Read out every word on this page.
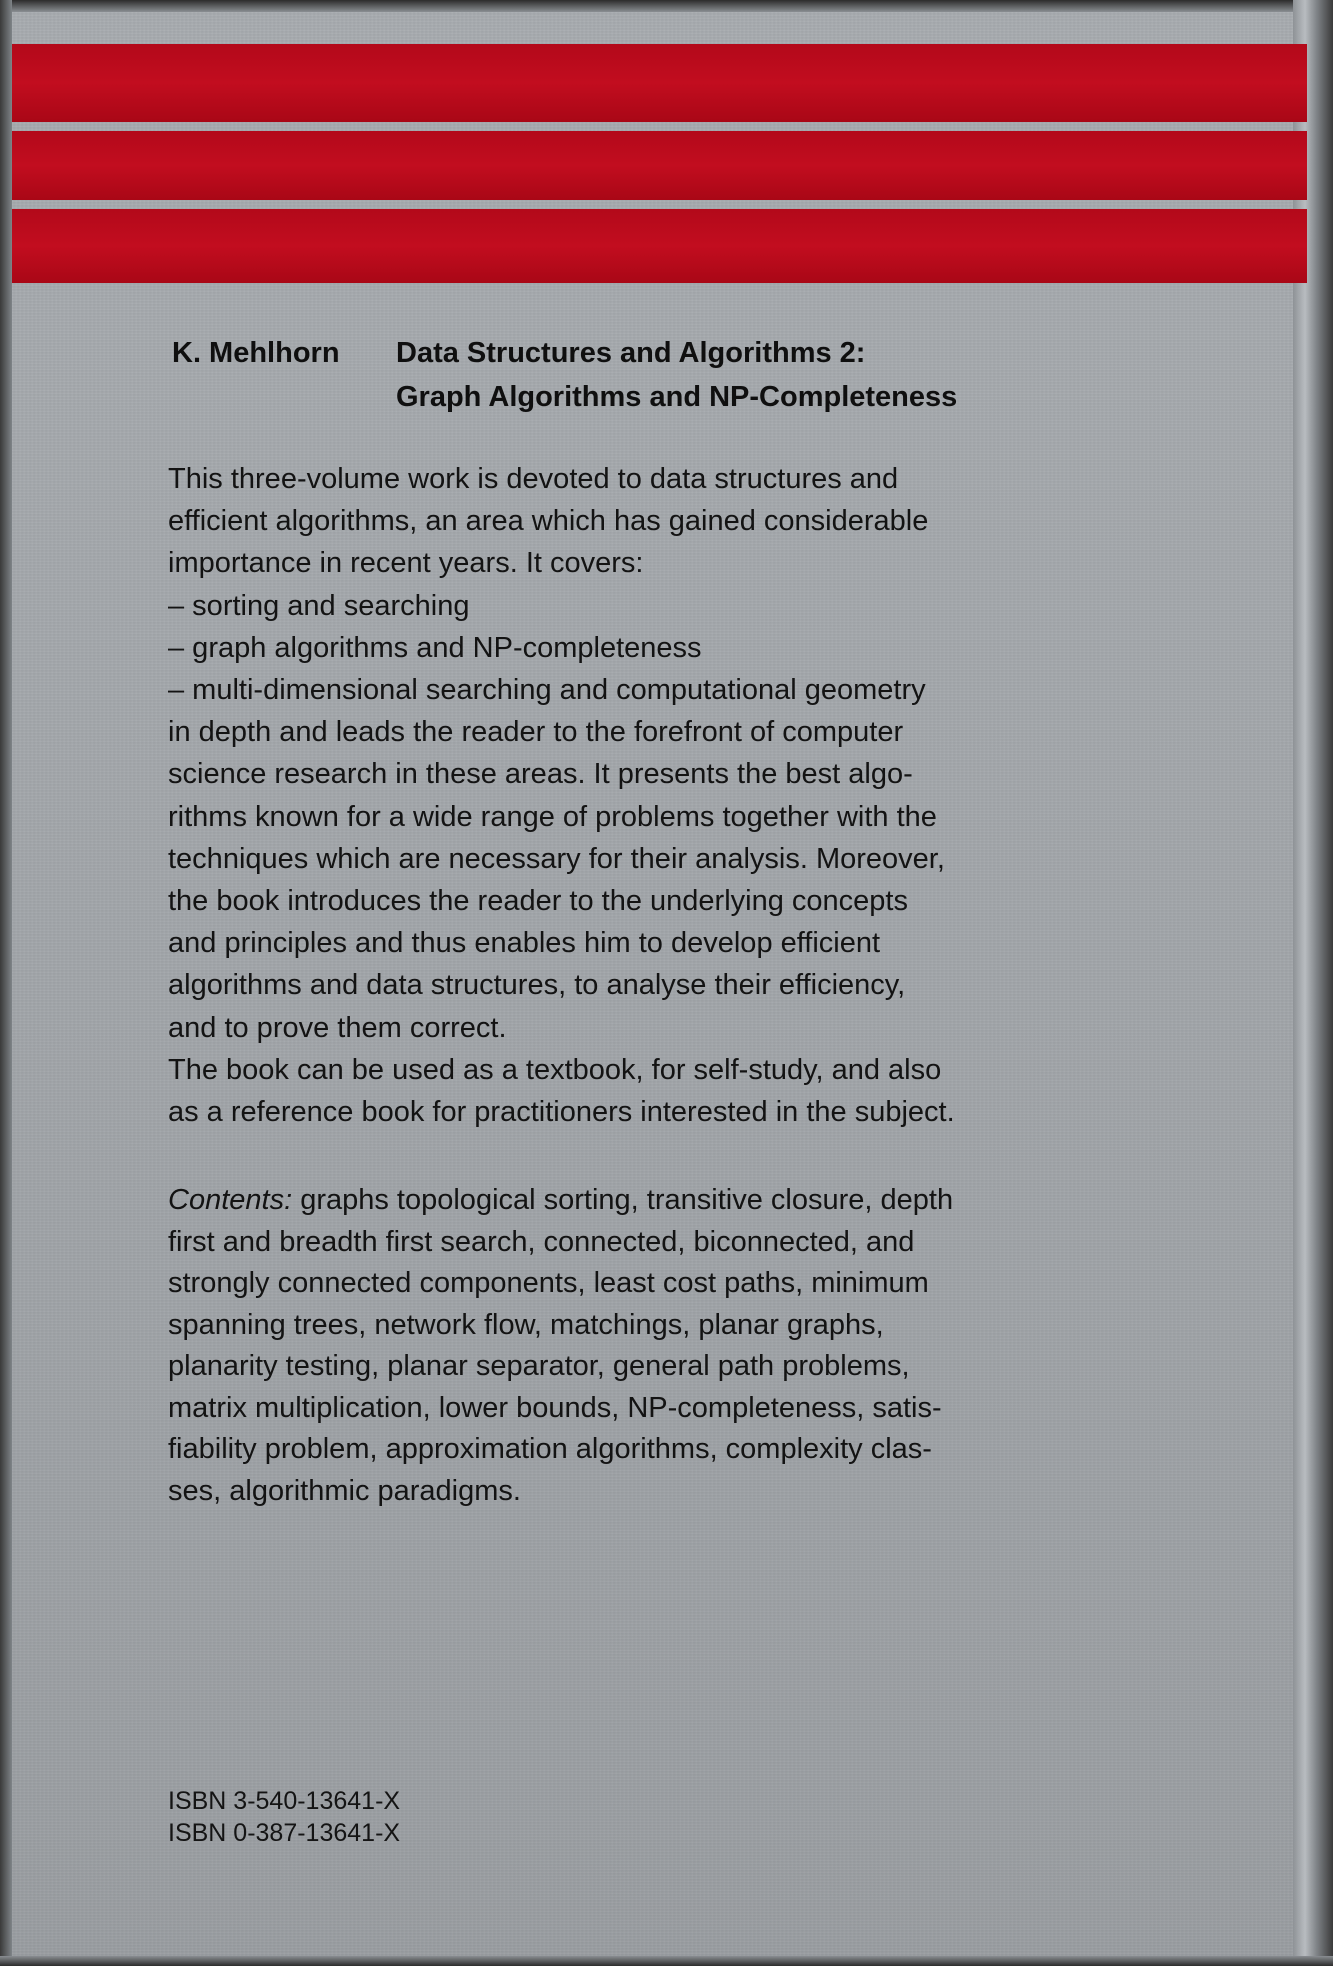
K. Mehlhorn Data Structures and Algorithms 2:
Graph Algorithms and NP-Completeness
This three-volume work is devoted to data structures and
efficient algorithms, an area which has gained considerable
importance in recent years. It covers:
– sorting and searching
– graph algorithms and NP-completeness
– multi-dimensional searching and computational geometry
in depth and leads the reader to the forefront of computer
science research in these areas. It presents the best algo-
rithms known for a wide range of problems together with the
techniques which are necessary for their analysis. Moreover,
the book introduces the reader to the underlying concepts
and principles and thus enables him to develop efficient
algorithms and data structures, to analyse their efficiency,
and to prove them correct.
The book can be used as a textbook, for self-study, and also
as a reference book for practitioners interested in the subject.
Contents: graphs topological sorting, transitive closure, depth
first and breadth first search, connected, biconnected, and
strongly connected components, least cost paths, minimum
spanning trees, network flow, matchings, planar graphs,
planarity testing, planar separator, general path problems,
matrix multiplication, lower bounds, NP-completeness, satis-
fiability problem, approximation algorithms, complexity clas-
ses, algorithmic paradigms.
ISBN 3-540-13641-X
ISBN 0-387-13641-X
